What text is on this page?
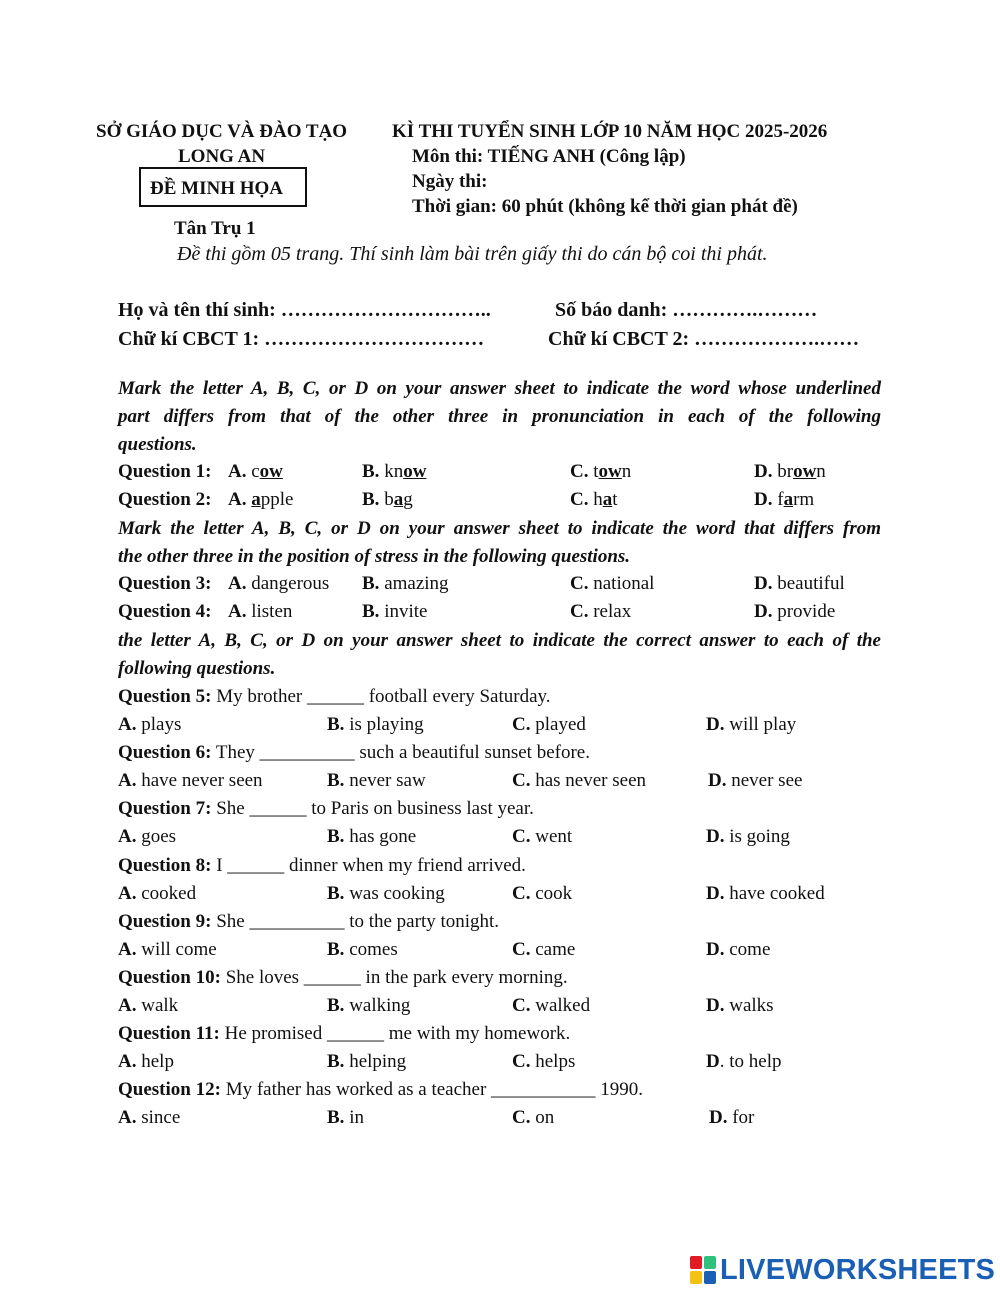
SỞ GIÁO DỤC VÀ ĐÀO TẠO
LONG AN
ĐỀ MINH HỌA
Tân Trụ 1
KÌ THI TUYỂN SINH LỚP 10 NĂM HỌC 2025-2026
Môn thi: TIẾNG ANH (Công lập)
Ngày thi:
Thời gian: 60 phút (không kể thời gian phát đề)
Đề thi gồm 05 trang. Thí sinh làm bài trên giấy thi do cán bộ coi thi phát.
Họ và tên thí sinh: …………………………..	Số báo danh: ………….………
Chữ kí CBCT 1: ……………………………	Chữ kí CBCT 2: ……………….……
Mark the letter A, B, C, or D on your answer sheet to indicate the word whose underlined
part differs from that of the other three in pronunciation in each of the following
questions.
Question 1: A. cow	B. know	C. town	D. brown
Question 2: A. apple	B. bag	C. hat	D. farm
Mark the letter A, B, C, or D on your answer sheet to indicate the word that differs from
the other three in the position of stress in the following questions.
Question 3: A. dangerous B. amazing	C. national	D. beautiful
Question 4: A. listen	B. invite	C. relax	D. provide
the letter A, B, C, or D on your answer sheet to indicate the correct answer to each of the
following questions.
Question 5: My brother ______ football every Saturday.
A. plays	B. is playing	C. played	D. will play
Question 6: They __________ such a beautiful sunset before.
A. have never seen	B. never saw	C. has never seen	D. never see
Question 7: She ______ to Paris on business last year.
A. goes	B. has gone	C. went	D. is going
Question 8: I ______ dinner when my friend arrived.
A. cooked	B. was cooking	C. cook	D. have cooked
Question 9: She __________ to the party tonight.
A. will come	B. comes	C. came	D. come
Question 10: She loves ______ in the park every morning.
A. walk	B. walking	C. walked	D. walks
Question 11: He promised ______ me with my homework.
A. help	B. helping	C. helps	D. to help
Question 12: My father has worked as a teacher ___________ 1990.
A. since	B. in	C. on	D. for
LIVEWORKSHEETS
